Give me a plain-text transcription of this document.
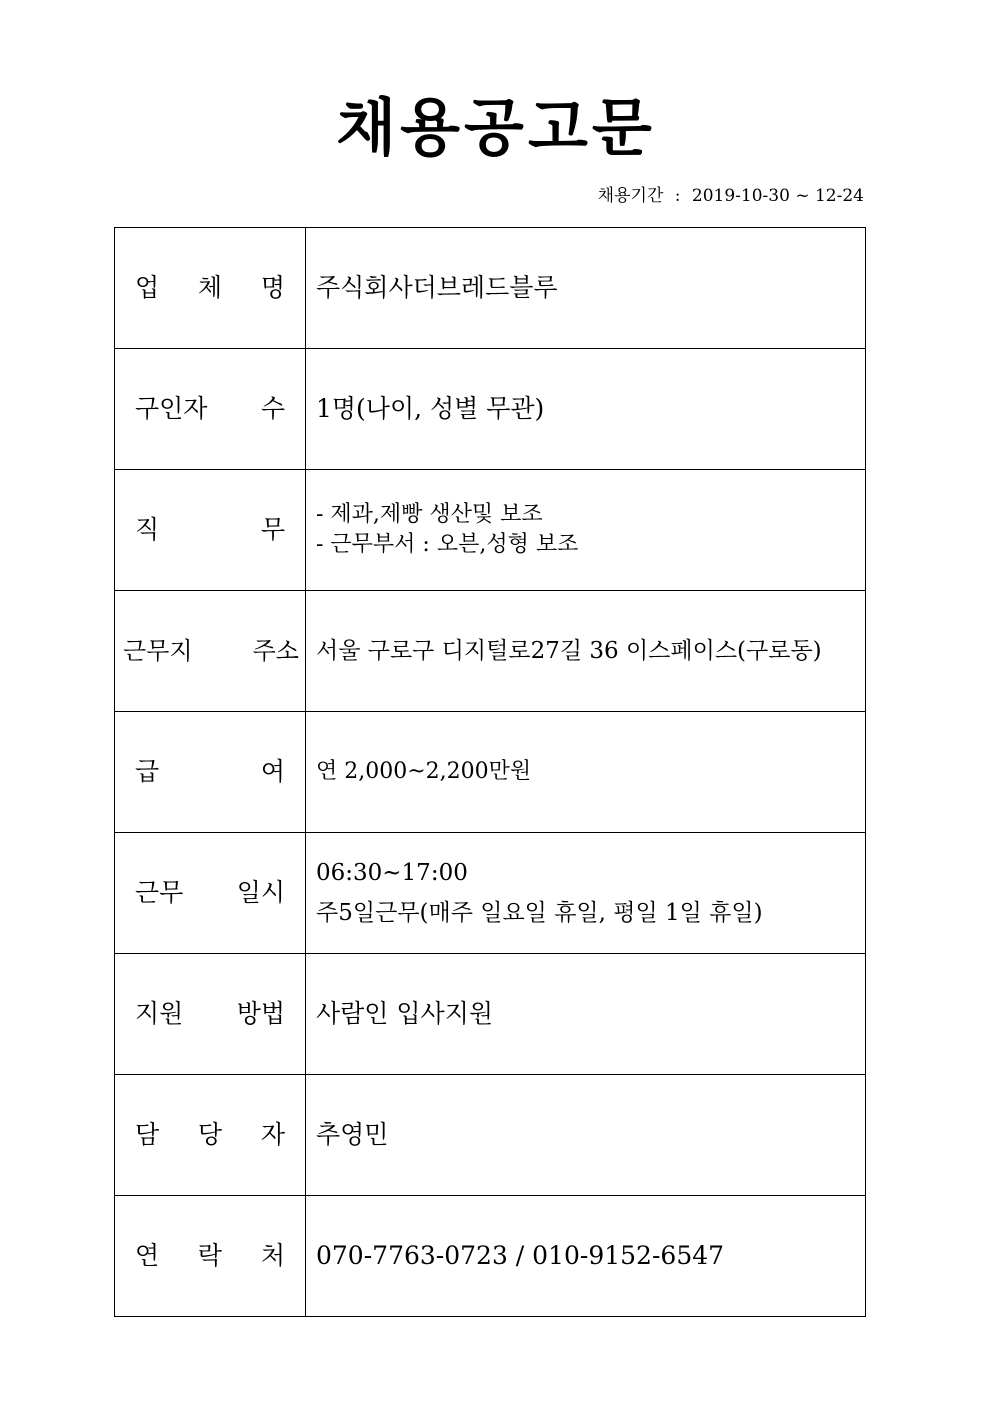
채용공고문
채용기간 : 2019-10-30 ~ 12-24
업 체 명	주식회사더브레드블루

구인자 수	1명(나이, 성별 무관)

직 무	- 제과,제빵 생산및 보조
- 근무부서 : 오븐,성형 보조

근무지 주소	서울 구로구 디지털로27길 36 이스페이스(구로동)

급 여	연 2,000~2,200만원

근무 일시	06:30~17:00
주5일근무(매주 일요일 휴일, 평일 1일 휴일)

지원 방법	사람인 입사지원

담 당 자	추영민

연 락 처	070-7763-0723 / 010-9152-6547
